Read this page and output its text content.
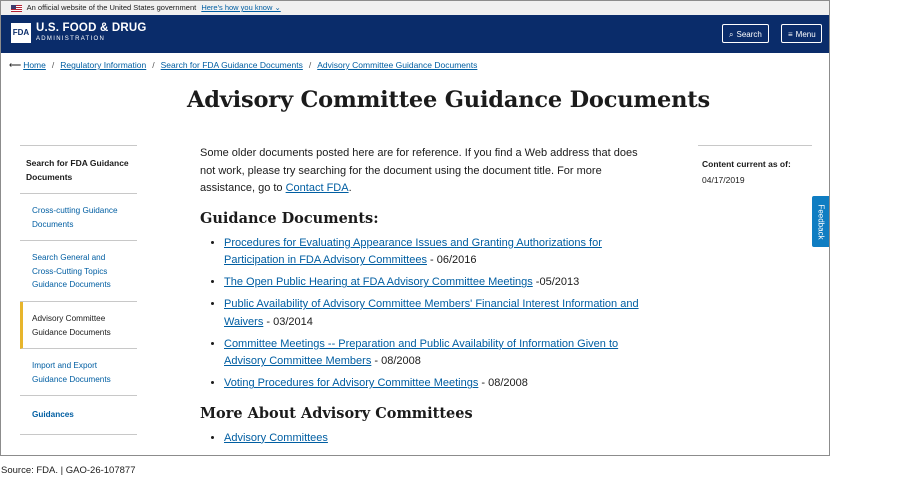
An official website of the United States government Here's how you know ⌄
FDA U.S. FOOD & DRUG
ADMINISTRATION	⌕ Search	≡ Menu
⟵ Home / Regulatory Information / Search for FDA Guidance Documents / Advisory Committee Guidance Documents
Advisory Committee Guidance Documents
Search for FDA Guidance Documents
Cross-cutting Guidance Documents
Search General and Cross-Cutting Topics Guidance Documents
Advisory Committee Guidance Documents
Import and Export Guidance Documents
Guidances

Some older documents posted here are for reference. If you find a Web address that does not work, please try searching for the document using the document title. For more assistance, go to Contact FDA.

Guidance Documents:
• Procedures for Evaluating Appearance Issues and Granting Authorizations for Participation in FDA Advisory Committees - 06/2016
• The Open Public Hearing at FDA Advisory Committee Meetings -05/2013
• Public Availability of Advisory Committee Members' Financial Interest Information and Waivers - 03/2014
• Committee Meetings -- Preparation and Public Availability of Information Given to Advisory Committee Members - 08/2008
• Voting Procedures for Advisory Committee Meetings - 08/2008
More About Advisory Committees
• Advisory Committees
Content current as of:
04/17/2019
Feedback
Source: FDA. | GAO-26-107877
